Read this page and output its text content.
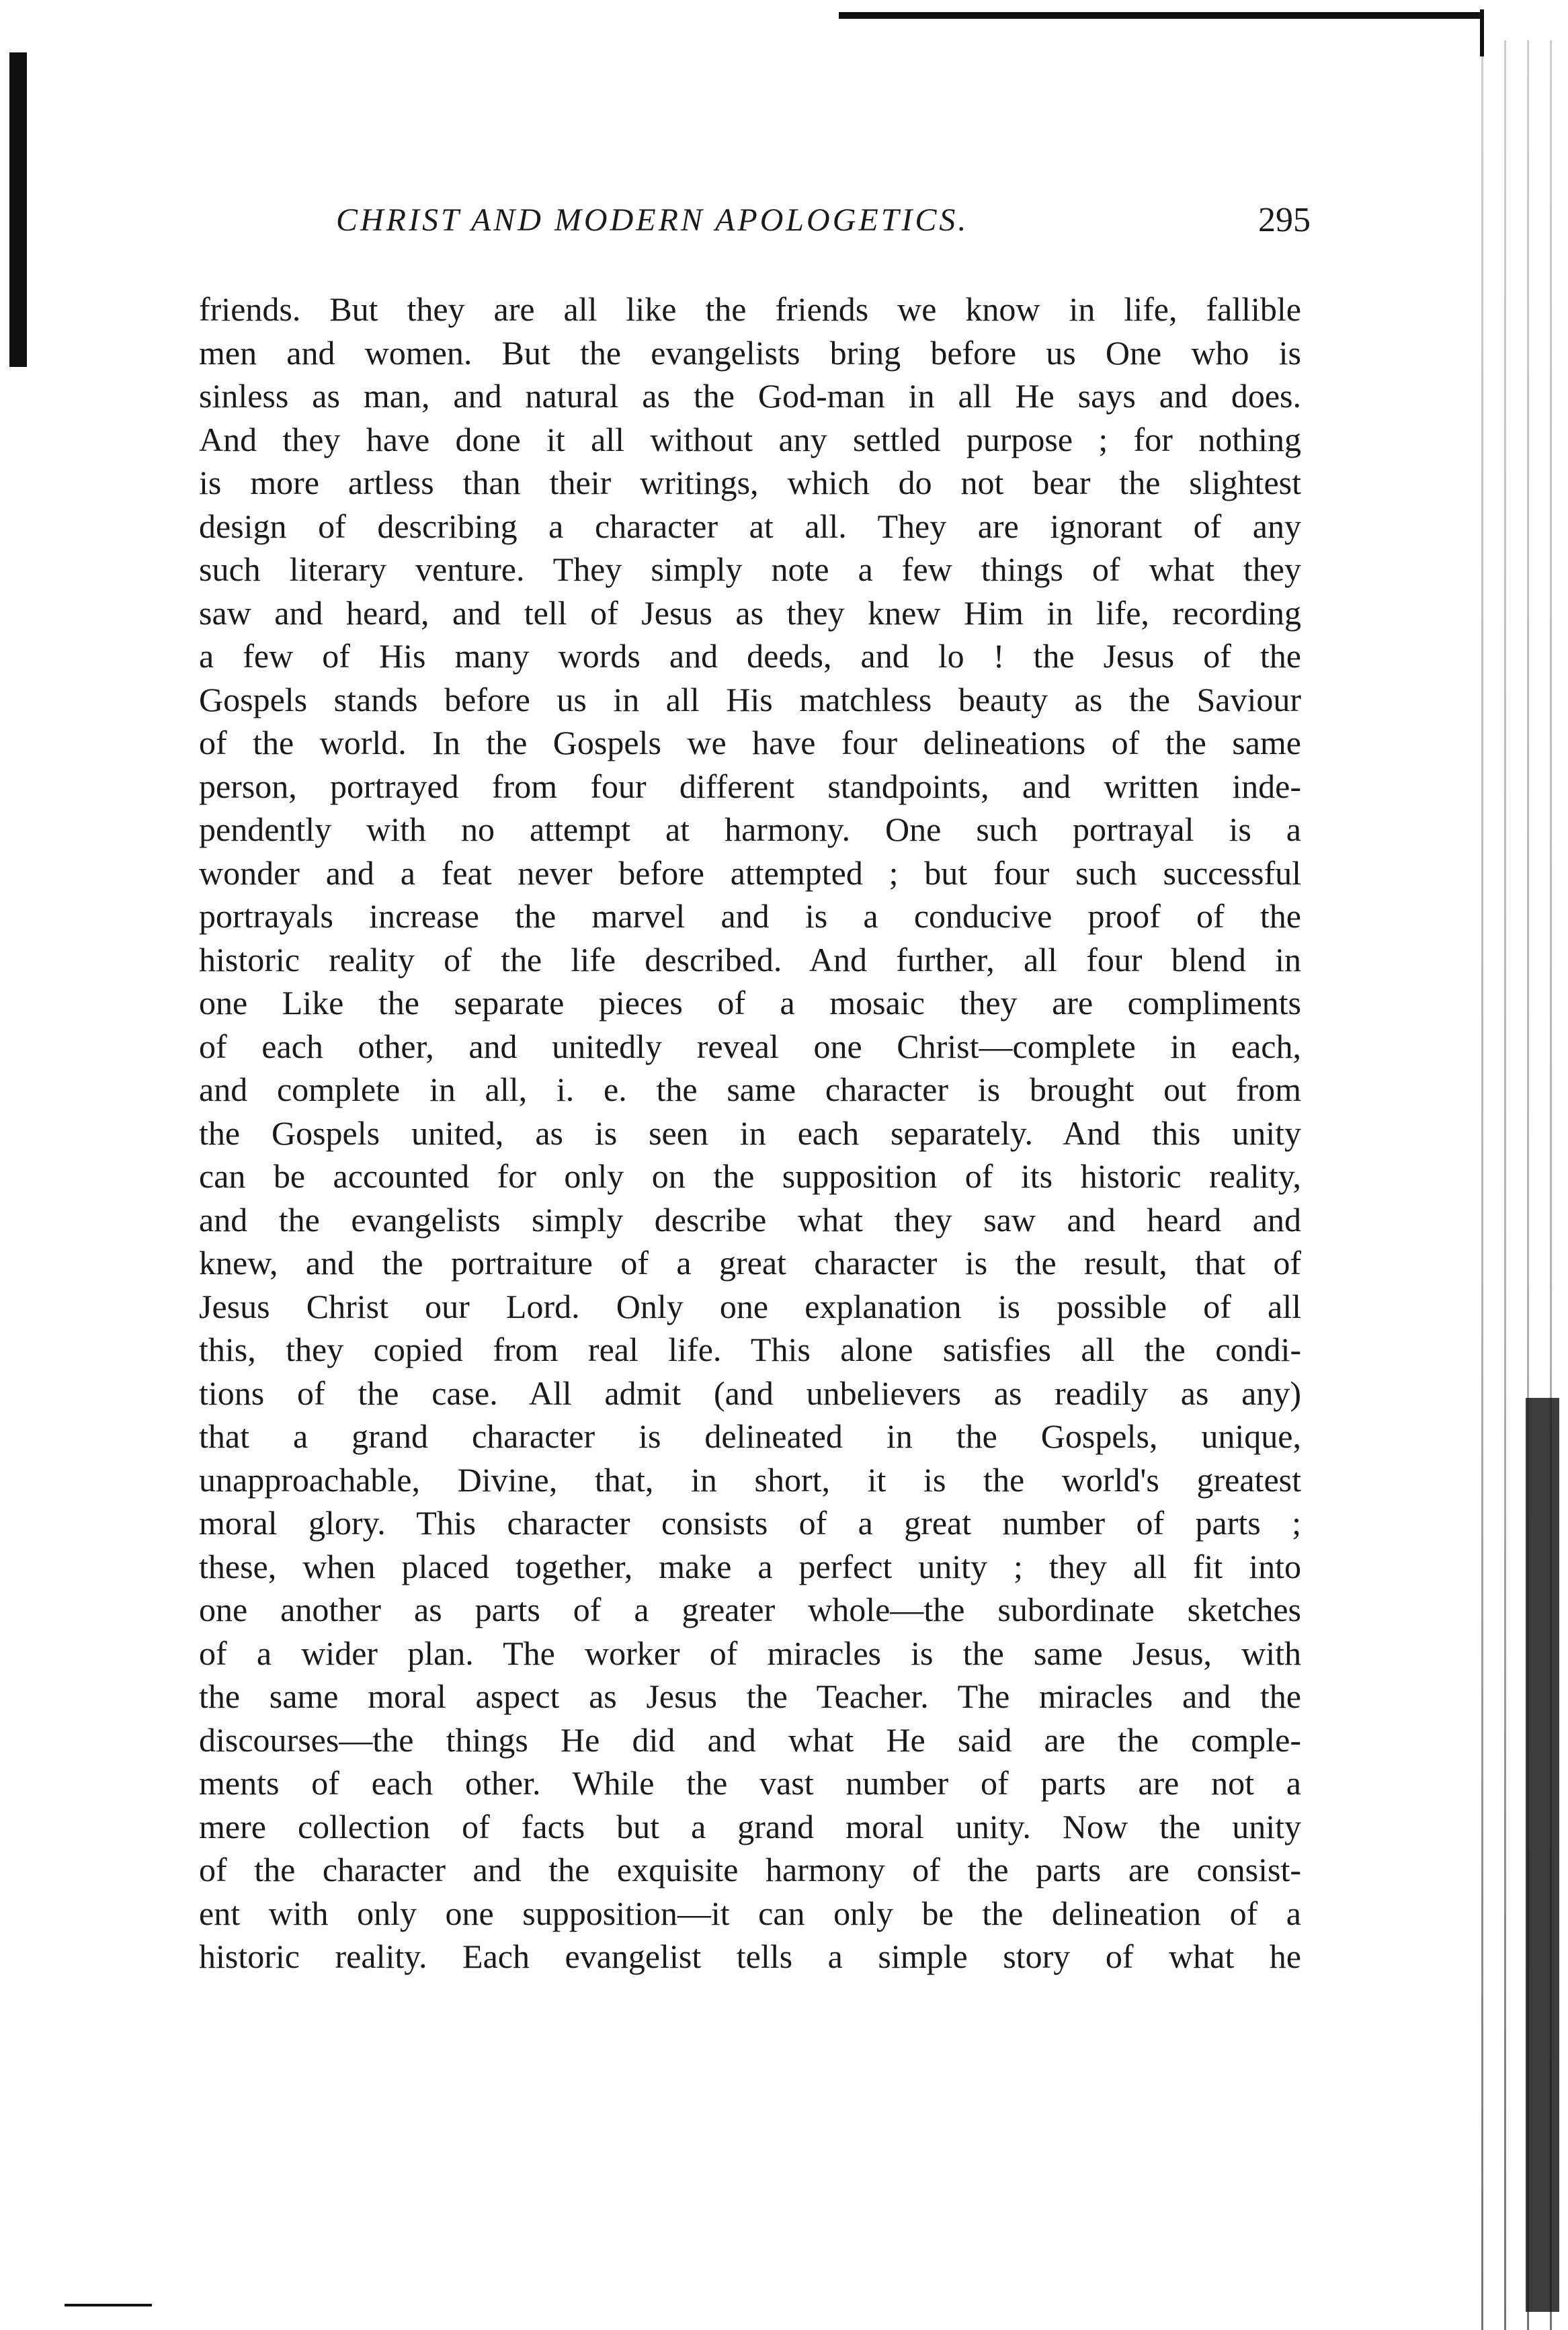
CHRIST AND MODERN APOLOGETICS.	295
friends. But they are all like the friends we know in life, fallible
men and women. But the evangelists bring before us One who is
sinless as man, and natural as the God-man in all He says and does.
And they have done it all without any settled purpose ; for nothing
is more artless than their writings, which do not bear the slightest
design of describing a character at all. They are ignorant of any
such literary venture. They simply note a few things of what they
saw and heard, and tell of Jesus as they knew Him in life, recording
a few of His many words and deeds, and lo ! the Jesus of the
Gospels stands before us in all His matchless beauty as the Saviour
of the world. In the Gospels we have four delineations of the same
person, portrayed from four different standpoints, and written inde-
pendently with no attempt at harmony. One such portrayal is a
wonder and a feat never before attempted ; but four such successful
portrayals increase the marvel and is a conducive proof of the
historic reality of the life described. And further, all four blend in
one Like the separate pieces of a mosaic they are compliments
of each other, and unitedly reveal one Christ—complete in each,
and complete in all, i. e. the same character is brought out from
the Gospels united, as is seen in each separately. And this unity
can be accounted for only on the supposition of its historic reality,
and the evangelists simply describe what they saw and heard and
knew, and the portraiture of a great character is the result, that of
Jesus Christ our Lord. Only one explanation is possible of all
this, they copied from real life. This alone satisfies all the condi-
tions of the case. All admit (and unbelievers as readily as any)
that a grand character is delineated in the Gospels, unique,
unapproachable, Divine, that, in short, it is the world's greatest
moral glory. This character consists of a great number of parts ;
these, when placed together, make a perfect unity ; they all fit into
one another as parts of a greater whole—the subordinate sketches
of a wider plan. The worker of miracles is the same Jesus, with
the same moral aspect as Jesus the Teacher. The miracles and the
discourses—the things He did and what He said are the comple-
ments of each other. While the vast number of parts are not a
mere collection of facts but a grand moral unity. Now the unity
of the character and the exquisite harmony of the parts are consist-
ent with only one supposition—it can only be the delineation of a
historic reality. Each evangelist tells a simple story of what he
